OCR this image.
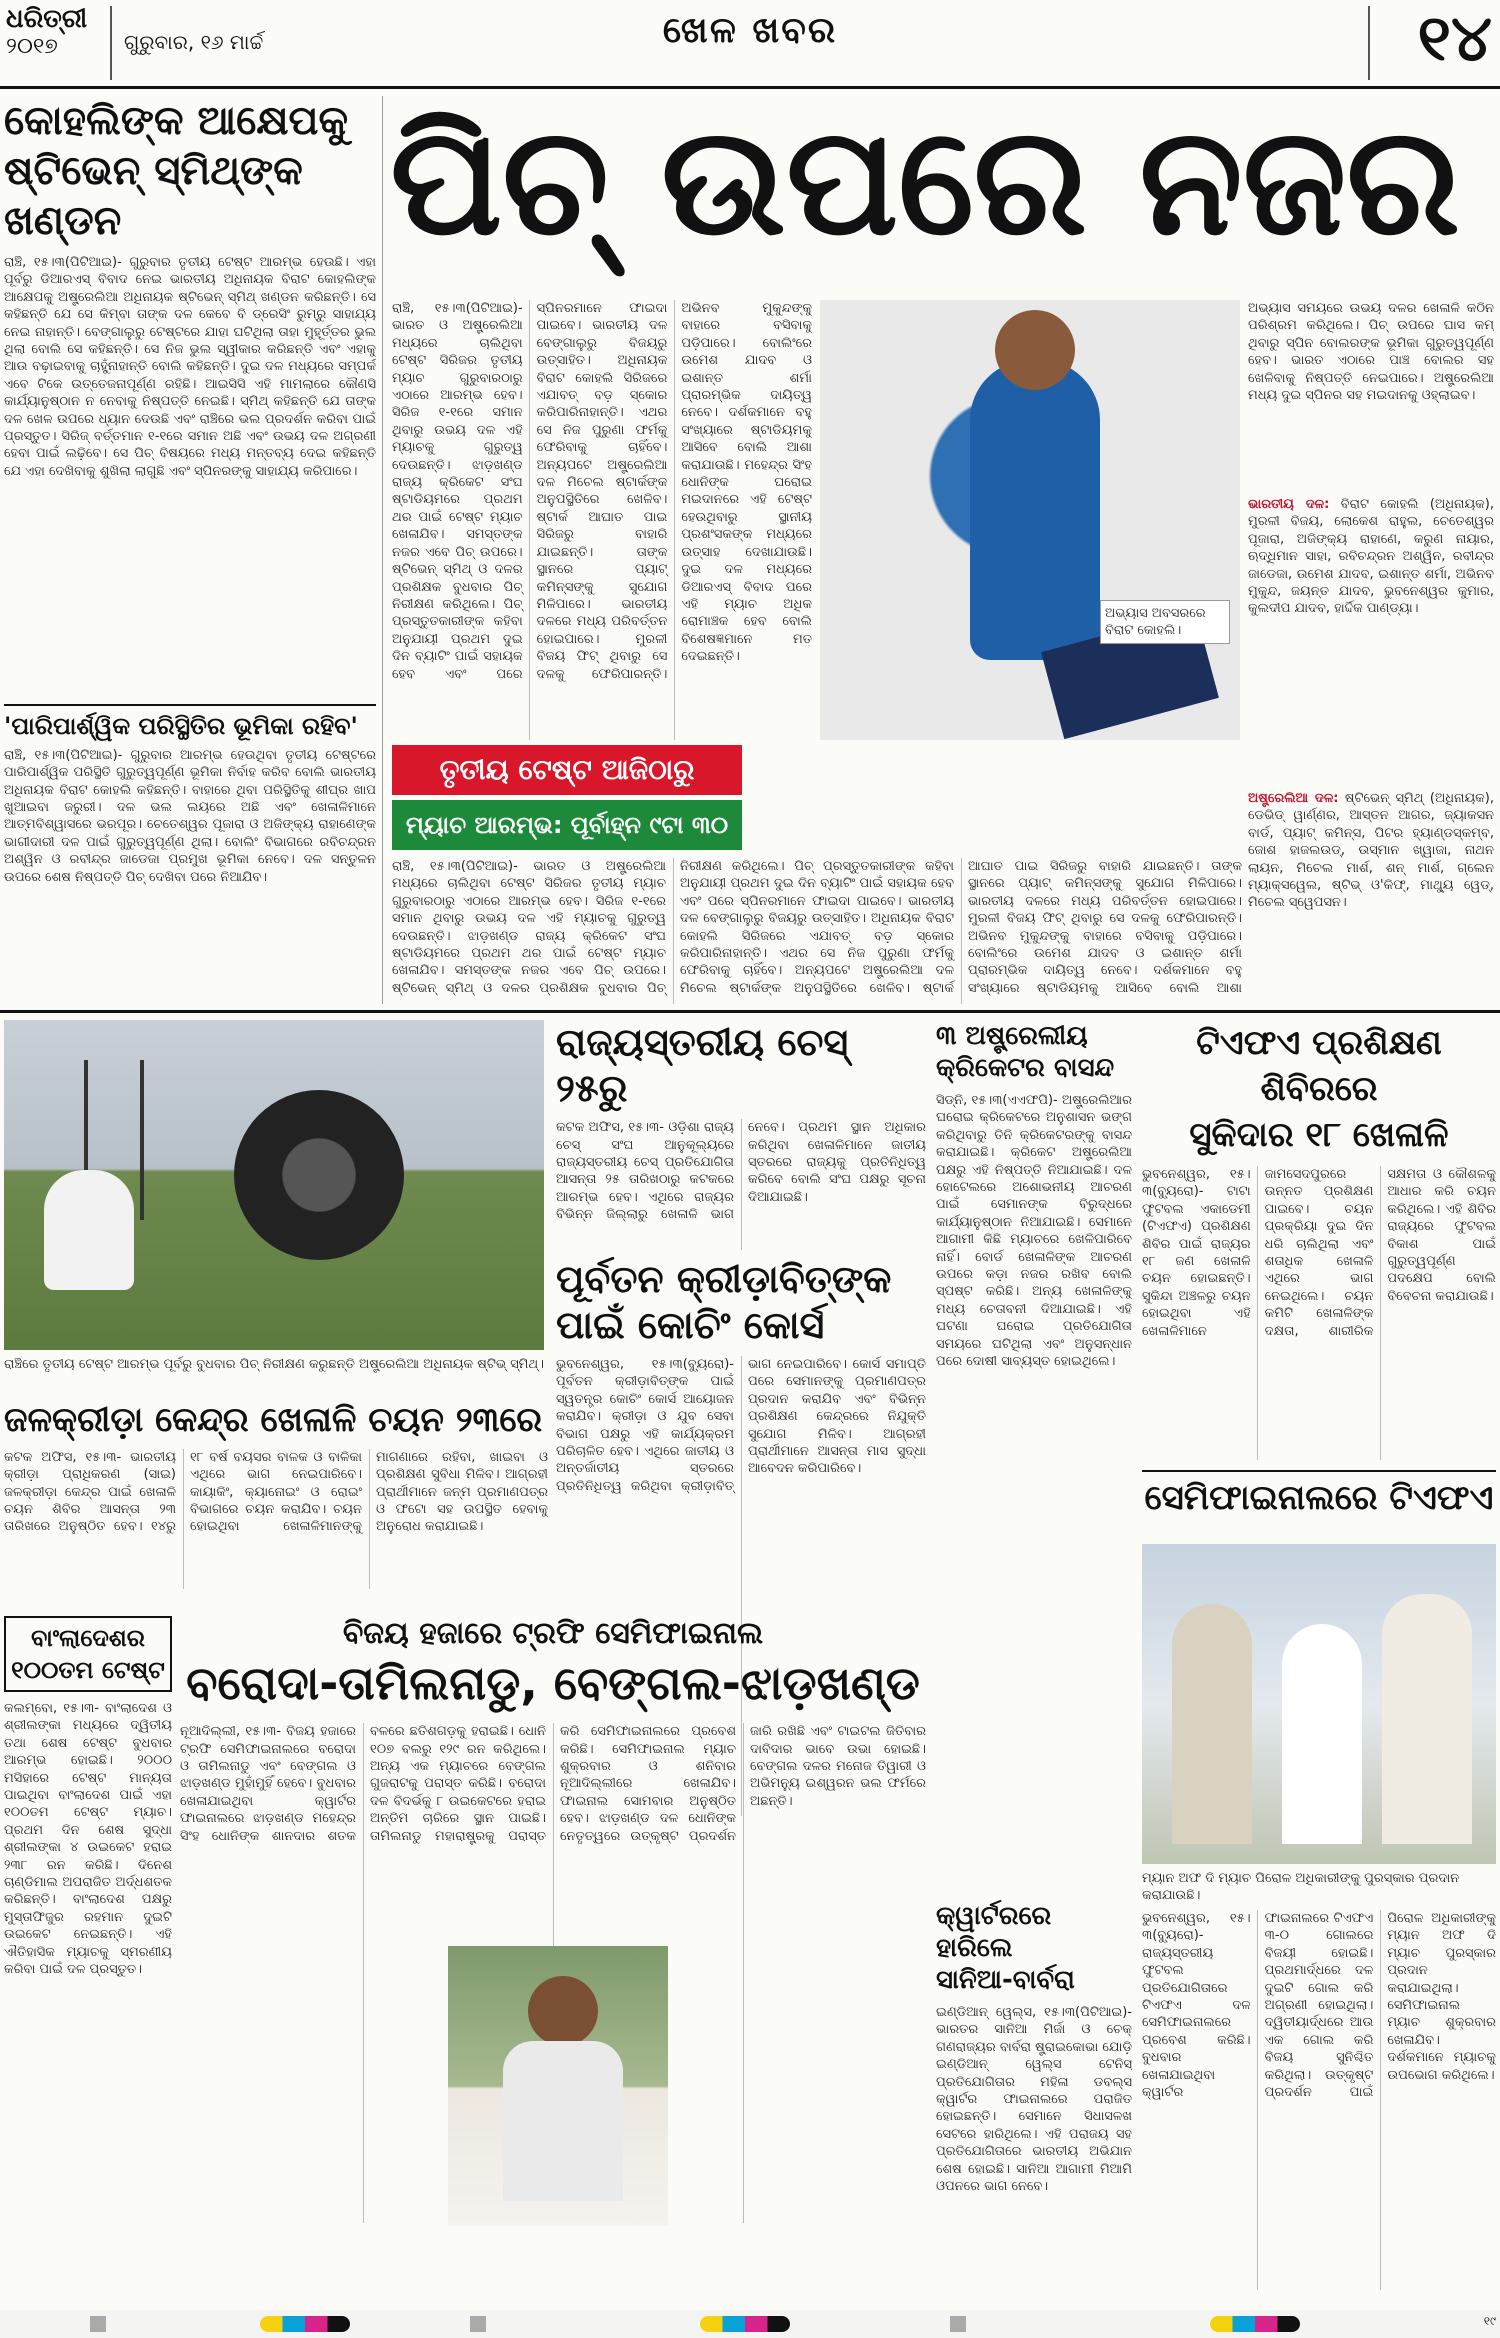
ଧରିତ୍ରୀ
୨୦୧୭	ଗୁରୁବାର, ୧୬ ମାର୍ଚ୍ଚ	ଖେଳ ଖବର	୧୪
କୋହଲିଙ୍କ ଆକ୍ଷେପକୁ
ଷ୍ଟିଭେନ୍ ସ୍ମିଥ୍‌ଙ୍କ ଖଣ୍ଡନ
ରାଞ୍ଚି, ୧୫।୩(ପିଟିଆଇ)- ଗୁରୁବାର ତୃତୀୟ ଟେଷ୍ଟ ଆରମ୍ଭ ହେଉଛି। ଏହା ପୂର୍ବରୁ ଡିଆରଏସ୍ ବିବାଦ ନେଇ ଭାରତୀୟ ଅଧିନାୟକ ବିରାଟ କୋହଲିଙ୍କ ଆକ୍ଷେପକୁ ଅଷ୍ଟ୍ରେଲିଆ ଅଧିନାୟକ ଷ୍ଟିଭେନ୍ ସ୍ମିଥ୍ ଖଣ୍ଡନ କରିଛନ୍ତି। ସେ କହିଛନ୍ତି ଯେ ସେ କିମ୍ବା ତାଙ୍କ ଦଳ କେବେ ବି ଡ୍ରେସିଂ ରୁମ୍‌ରୁ ସାହାଯ୍ୟ ନେଇ ନାହାନ୍ତି। ବେଙ୍ଗାଲୁରୁ ଟେଷ୍ଟରେ ଯାହା ଘଟିଥିଲା ତାହା ମୁହୂର୍ତ୍ତର ଭୁଲ ଥିଲା ବୋଲି ସେ କହିଛନ୍ତି। ସେ ନିଜ ଭୁଲ ସ୍ୱୀକାର କରିଛନ୍ତି ଏବଂ ଏହାକୁ ଆଉ ବଢ଼ାଇବାକୁ ଚାହୁଁନାହାନ୍ତି ବୋଲି କହିଛନ୍ତି। ଦୁଇ ଦଳ ମଧ୍ୟରେ ସମ୍ପର୍କ ଏବେ ଟିକେ ଉତ୍ତେଜନାପୂର୍ଣ୍ଣ ରହିଛି। ଆଇସିସି ଏହି ମାମଲାରେ କୌଣସି କାର୍ଯ୍ୟାନୁଷ୍ଠାନ ନ ନେବାକୁ ନିଷ୍ପତ୍ତି ନେଇଛି। ସ୍ମିଥ୍ କହିଛନ୍ତି ଯେ ତାଙ୍କ ଦଳ ଖେଳ ଉପରେ ଧ୍ୟାନ ଦେଉଛି ଏବଂ ରାଞ୍ଚିରେ ଭଲ ପ୍ରଦର୍ଶନ କରିବା ପାଇଁ ପ୍ରସ୍ତୁତ। ସିରିଜ୍ ବର୍ତ୍ତମାନ ୧-୧ରେ ସମାନ ଅଛି ଏବଂ ଉଭୟ ଦଳ ଅଗ୍ରଣୀ ହେବା ପାଇଁ ଲଢ଼ିବେ। ସେ ପିଚ୍ ବିଷୟରେ ମଧ୍ୟ ମନ୍ତବ୍ୟ ଦେଇ କହିଛନ୍ତି ଯେ ଏହା ଦେଖିବାକୁ ଶୁଖିଲା ଲାଗୁଛି ଏବଂ ସ୍ପିନରଙ୍କୁ ସାହାଯ୍ୟ କରିପାରେ।
'ପାରିପାର୍ଶ୍ୱିକ ପରିସ୍ଥିତିର ଭୂମିକା ରହିବ'
ରାଞ୍ଚି, ୧୫।୩(ପିଟିଆଇ)- ଗୁରୁବାର ଆରମ୍ଭ ହେଉଥିବା ତୃତୀୟ ଟେଷ୍ଟରେ ପାରିପାର୍ଶ୍ୱିକ ପରିସ୍ଥିତି ଗୁରୁତ୍ୱପୂର୍ଣ୍ଣ ଭୂମିକା ନିର୍ବାହ କରିବ ବୋଲି ଭାରତୀୟ ଅଧିନାୟକ ବିରାଟ କୋହଲି କହିଛନ୍ତି। ବାହାରେ ଥିବା ପରିସ୍ଥିତିକୁ ଶୀଘ୍ର ଖାପ ଖୁଆଇବା ଜରୁରୀ। ଦଳ ଭଲ ଲୟରେ ଅଛି ଏବଂ ଖେଳାଳିମାନେ ଆତ୍ମବିଶ୍ୱାସରେ ଭରପୂର। ଚେତେଶ୍ୱର ପୂଜାରା ଓ ଅଜିଙ୍କ୍ୟ ରାହାଣେଙ୍କ ଭାଗୀଦାରୀ ଦଳ ପାଇଁ ଗୁରୁତ୍ୱପୂର୍ଣ୍ଣ ଥିଲା। ବୋଲିଂ ବିଭାଗରେ ରବିଚନ୍ଦ୍ରନ ଅଶ୍ୱିନ ଓ ରବୀନ୍ଦ୍ର ଜାଡେଜା ପ୍ରମୁଖ ଭୂମିକା ନେବେ। ଦଳ ସନ୍ତୁଳନ ଉପରେ ଶେଷ ନିଷ୍ପତ୍ତି ପିଚ୍ ଦେଖିବା ପରେ ନିଆଯିବ।
ପିଚ୍ ଉପରେ ନଜର
ରାଞ୍ଚି, ୧୫।୩(ପିଟିଆଇ)- ଭାରତ ଓ ଅଷ୍ଟ୍ରେଲିଆ ମଧ୍ୟରେ ଚାଲିଥିବା ଟେଷ୍ଟ ସିରିଜର ତୃତୀୟ ମ୍ୟାଚ ଗୁରୁବାରଠାରୁ ଏଠାରେ ଆରମ୍ଭ ହେବ। ସିରିଜ ୧-୧ରେ ସମାନ ଥିବାରୁ ଉଭୟ ଦଳ ଏହି ମ୍ୟାଚକୁ ଗୁରୁତ୍ୱ ଦେଉଛନ୍ତି। ଝାଡ଼ଖଣ୍ଡ ରାଜ୍ୟ କ୍ରିକେଟ ସଂଘ ଷ୍ଟାଡିୟମରେ ପ୍ରଥମ ଥର ପାଇଁ ଟେଷ୍ଟ ମ୍ୟାଚ ଖେଳାଯିବ। ସମସ୍ତଙ୍କ ନଜର ଏବେ ପିଚ୍ ଉପରେ। ଷ୍ଟିଭେନ୍ ସ୍ମିଥ୍ ଓ ଦଳର ପ୍ରଶିକ୍ଷକ ବୁଧବାର ପିଚ୍ ନିରୀକ୍ଷଣ କରିଥିଲେ। ପିଚ୍ ପ୍ରସ୍ତୁତକାରୀଙ୍କ କହିବା ଅନୁଯାୟୀ ପ୍ରଥମ ଦୁଇ ଦିନ ବ୍ୟାଟିଂ ପାଇଁ ସହାୟକ ହେବ ଏବଂ ପରେ ସ୍ପିନରମାନେ ଫାଇଦା ପାଇବେ। ଭାରତୀୟ ଦଳ ବେଙ୍ଗାଲୁରୁ ବିଜୟରୁ ଉତ୍ସାହିତ। ଅଧିନାୟକ ବିରାଟ କୋହଲି ସିରିଜରେ ଏଯାବତ୍ ବଡ଼ ସ୍କୋର କରିପାରିନାହାନ୍ତି। ଏଥର ସେ ନିଜ ପୁରୁଣା ଫର୍ମକୁ ଫେରିବାକୁ ଚାହିଁବେ। ଅନ୍ୟପଟେ ଅଷ୍ଟ୍ରେଲିଆ ଦଳ ମିଚେଲ ଷ୍ଟାର୍କଙ୍କ ଅନୁପସ୍ଥିତିରେ ଖେଳିବ। ଷ୍ଟାର୍କ ଆଘାତ ପାଇ ସିରିଜରୁ ବାହାରି ଯାଇଛନ୍ତି। ତାଙ୍କ ସ୍ଥାନରେ ପ୍ୟାଟ୍ କମିନ୍ସଙ୍କୁ ସୁଯୋଗ ମିଳିପାରେ। ଭାରତୀୟ ଦଳରେ ମଧ୍ୟ ପରିବର୍ତ୍ତନ ହୋଇପାରେ। ମୁରଳୀ ବିଜୟ ଫିଟ୍ ଥିବାରୁ ସେ ଦଳକୁ ଫେରିପାରନ୍ତି। ଅଭିନବ ମୁକୁନ୍ଦଙ୍କୁ ବାହାରେ ବସିବାକୁ ପଡ଼ିପାରେ। ବୋଲିଂରେ ଉମେଶ ଯାଦବ ଓ ଇଶାନ୍ତ ଶର୍ମା ପ୍ରାରମ୍ଭିକ ଦାୟିତ୍ୱ ନେବେ। ଦର୍ଶକମାନେ ବହୁ ସଂଖ୍ୟାରେ ଷ୍ଟାଡିୟମକୁ ଆସିବେ ବୋଲି ଆଶା କରାଯାଉଛି। ମହେନ୍ଦ୍ର ସିଂହ ଧୋନିଙ୍କ ଘରୋଇ ମଇଦାନରେ ଏହି ଟେଷ୍ଟ ହେଉଥିବାରୁ ସ୍ଥାନୀୟ ପ୍ରଶଂସକଙ୍କ ମଧ୍ୟରେ ଉତ୍ସାହ ଦେଖାଯାଉଛି। ଦୁଇ ଦଳ ମଧ୍ୟରେ ଡିଆରଏସ୍ ବିବାଦ ପରେ ଏହି ମ୍ୟାଚ ଅଧିକ ରୋମାଞ୍ଚକ ହେବ ବୋଲି ବିଶେଷଜ୍ଞମାନେ ମତ ଦେଇଛନ୍ତି।
ଅଭ୍ୟାସ ଅବସରରେ ବିରାଟ କୋହଲି।
ଅଭ୍ୟାସ ସମୟରେ ଉଭୟ ଦଳର ଖେଳାଳି କଠିନ ପରିଶ୍ରମ କରିଥିଲେ। ପିଚ୍ ଉପରେ ଘାସ କମ୍ ଥିବାରୁ ସ୍ପିନ ବୋଲରଙ୍କ ଭୂମିକା ଗୁରୁତ୍ୱପୂର୍ଣ୍ଣ ହେବ। ଭାରତ ଏଠାରେ ପାଞ୍ଚ ବୋଲର ସହ ଖେଳିବାକୁ ନିଷ୍ପତ୍ତି ନେଇପାରେ। ଅଷ୍ଟ୍ରେଲିଆ ମଧ୍ୟ ଦୁଇ ସ୍ପିନର ସହ ମଇଦାନକୁ ଓହ୍ଲାଇବ।
ଭାରତୀୟ ଦଳ: ବିରାଟ କୋହଲି (ଅଧିନାୟକ), ମୁରଳୀ ବିଜୟ, ଲୋକେଶ ରାହୁଲ, ଚେତେଶ୍ୱର ପୂଜାରା, ଅଜିଙ୍କ୍ୟ ରାହାଣେ, କରୁଣ ନାୟାର, ଋଦ୍ଧିମାନ ସାହା, ରବିଚନ୍ଦ୍ରନ ଅଶ୍ୱିନ, ରବୀନ୍ଦ୍ର ଜାଡେଜା, ଉମେଶ ଯାଦବ, ଇଶାନ୍ତ ଶର୍ମା, ଅଭିନବ ମୁକୁନ୍ଦ, ଜୟନ୍ତ ଯାଦବ, ଭୁବନେଶ୍ୱର କୁମାର, କୁଲଦୀପ ଯାଦବ, ହାର୍ଦ୍ଦିକ ପାଣ୍ଡ୍ୟା।
ଅଷ୍ଟ୍ରେଲିଆ ଦଳ: ଷ୍ଟିଭେନ୍ ସ୍ମିଥ୍ (ଅଧିନାୟକ), ଡେଭିଡ୍ ୱାର୍ଣ୍ଣର, ଆସ୍ତନ ଆଗର, ଜ୍ୟାକସନ ବାର୍ଡ, ପ୍ୟାଟ୍ କମିନ୍ସ, ପିଟର ହ୍ୟାଣ୍ଡସ୍କମ୍ବ, ଜୋଶ ହାଜଲଉଡ୍, ଉସ୍ମାନ ଖ୍ୱାଜା, ନାଥନ ଲାୟନ, ମିଚେଲ ମାର୍ଶ, ଶନ୍ ମାର୍ଶ, ଗ୍ଲେନ ମ୍ୟାକ୍ସୱେଲ, ଷ୍ଟିଭ୍ ଓ'କିଫ୍, ମାଥ୍ୟୁ ୱେଡ୍, ମିଚେଲ ସ୍ୱେପସନ।
ତୃତୀୟ ଟେଷ୍ଟ ଆଜିଠାରୁ
ମ୍ୟାଚ ଆରମ୍ଭ: ପୂର୍ବାହ୍ନ ୯ଟା ୩୦
ରାଞ୍ଚି, ୧୫।୩(ପିଟିଆଇ)- ଭାରତ ଓ ଅଷ୍ଟ୍ରେଲିଆ ମଧ୍ୟରେ ଚାଲିଥିବା ଟେଷ୍ଟ ସିରିଜର ତୃତୀୟ ମ୍ୟାଚ ଗୁରୁବାରଠାରୁ ଏଠାରେ ଆରମ୍ଭ ହେବ। ସିରିଜ ୧-୧ରେ ସମାନ ଥିବାରୁ ଉଭୟ ଦଳ ଏହି ମ୍ୟାଚକୁ ଗୁରୁତ୍ୱ ଦେଉଛନ୍ତି। ଝାଡ଼ଖଣ୍ଡ ରାଜ୍ୟ କ୍ରିକେଟ ସଂଘ ଷ୍ଟାଡିୟମରେ ପ୍ରଥମ ଥର ପାଇଁ ଟେଷ୍ଟ ମ୍ୟାଚ ଖେଳାଯିବ। ସମସ୍ତଙ୍କ ନଜର ଏବେ ପିଚ୍ ଉପରେ। ଷ୍ଟିଭେନ୍ ସ୍ମିଥ୍ ଓ ଦଳର ପ୍ରଶିକ୍ଷକ ବୁଧବାର ପିଚ୍ ନିରୀକ୍ଷଣ କରିଥିଲେ। ପିଚ୍ ପ୍ରସ୍ତୁତକାରୀଙ୍କ କହିବା ଅନୁଯାୟୀ ପ୍ରଥମ ଦୁଇ ଦିନ ବ୍ୟାଟିଂ ପାଇଁ ସହାୟକ ହେବ ଏବଂ ପରେ ସ୍ପିନରମାନେ ଫାଇଦା ପାଇବେ। ଭାରତୀୟ ଦଳ ବେଙ୍ଗାଲୁରୁ ବିଜୟରୁ ଉତ୍ସାହିତ। ଅଧିନାୟକ ବିରାଟ କୋହଲି ସିରିଜରେ ଏଯାବତ୍ ବଡ଼ ସ୍କୋର କରିପାରିନାହାନ୍ତି। ଏଥର ସେ ନିଜ ପୁରୁଣା ଫର୍ମକୁ ଫେରିବାକୁ ଚାହିଁବେ। ଅନ୍ୟପଟେ ଅଷ୍ଟ୍ରେଲିଆ ଦଳ ମିଚେଲ ଷ୍ଟାର୍କଙ୍କ ଅନୁପସ୍ଥିତିରେ ଖେଳିବ। ଷ୍ଟାର୍କ ଆଘାତ ପାଇ ସିରିଜରୁ ବାହାରି ଯାଇଛନ୍ତି। ତାଙ୍କ ସ୍ଥାନରେ ପ୍ୟାଟ୍ କମିନ୍ସଙ୍କୁ ସୁଯୋଗ ମିଳିପାରେ। ଭାରତୀୟ ଦଳରେ ମଧ୍ୟ ପରିବର୍ତ୍ତନ ହୋଇପାରେ। ମୁରଳୀ ବିଜୟ ଫିଟ୍ ଥିବାରୁ ସେ ଦଳକୁ ଫେରିପାରନ୍ତି। ଅଭିନବ ମୁକୁନ୍ଦଙ୍କୁ ବାହାରେ ବସିବାକୁ ପଡ଼ିପାରେ। ବୋଲିଂରେ ଉମେଶ ଯାଦବ ଓ ଇଶାନ୍ତ ଶର୍ମା ପ୍ରାରମ୍ଭିକ ଦାୟିତ୍ୱ ନେବେ। ଦର୍ଶକମାନେ ବହୁ ସଂଖ୍ୟାରେ ଷ୍ଟାଡିୟମକୁ ଆସିବେ ବୋଲି ଆଶା
ରାଞ୍ଚିରେ ତୃତୀୟ ଟେଷ୍ଟ ଆରମ୍ଭ ପୂର୍ବରୁ ବୁଧବାର ପିଚ୍ ନିରୀକ୍ଷଣ କରୁଛନ୍ତି ଅଷ୍ଟ୍ରେଲିଆ ଅଧିନାୟକ ଷ୍ଟିଭ୍ ସ୍ମିଥ୍।
ରାଜ୍ୟସ୍ତରୀୟ ଚେସ୍ ୨୫ରୁ
କଟକ ଅଫିସ, ୧୫।୩- ଓଡ଼ିଶା ରାଜ୍ୟ ଚେସ୍ ସଂଘ ଆନୁକୂଲ୍ୟରେ ରାଜ୍ୟସ୍ତରୀୟ ଚେସ୍ ପ୍ରତିଯୋଗିତା ଆସନ୍ତା ୨୫ ତାରିଖଠାରୁ କଟକରେ ଆରମ୍ଭ ହେବ। ଏଥିରେ ରାଜ୍ୟର ବିଭିନ୍ନ ଜିଲ୍ଲାରୁ ଖେଳାଳି ଭାଗ ନେବେ। ପ୍ରଥମ ସ୍ଥାନ ଅଧିକାର କରିଥିବା ଖେଳାଳିମାନେ ଜାତୀୟ ସ୍ତରରେ ରାଜ୍ୟକୁ ପ୍ରତିନିଧିତ୍ୱ କରିବେ ବୋଲି ସଂଘ ପକ୍ଷରୁ ସୂଚନା ଦିଆଯାଇଛି।
ପୂର୍ବତନ କ୍ରୀଡ଼ାବିତ୍‌ଙ୍କ
ପାଇଁ କୋଚିଂ କୋର୍ସ
ଭୁବନେଶ୍ୱର, ୧୫।୩(ବ୍ୟୁରୋ)- ପୂର୍ବତନ କ୍ରୀଡ଼ାବିତ୍‌ଙ୍କ ପାଇଁ ସ୍ୱତନ୍ତ୍ର କୋଚିଂ କୋର୍ସ ଆୟୋଜନ କରାଯିବ। କ୍ରୀଡ଼ା ଓ ଯୁବ ସେବା ବିଭାଗ ପକ୍ଷରୁ ଏହି କାର୍ଯ୍ୟକ୍ରମ ପରିଚାଳିତ ହେବ। ଏଥିରେ ଜାତୀୟ ଓ ଅନ୍ତର୍ଜାତୀୟ ସ୍ତରରେ ପ୍ରତିନିଧିତ୍ୱ କରିଥିବା କ୍ରୀଡ଼ାବିତ୍ ଭାଗ ନେଇପାରିବେ। କୋର୍ସ ସମାପ୍ତି ପରେ ସେମାନଙ୍କୁ ପ୍ରମାଣପତ୍ର ପ୍ରଦାନ କରାଯିବ ଏବଂ ବିଭିନ୍ନ ପ୍ରଶିକ୍ଷଣ କେନ୍ଦ୍ରରେ ନିଯୁକ୍ତି ସୁଯୋଗ ମିଳିବ। ଆଗ୍ରହୀ ପ୍ରାର୍ଥୀମାନେ ଆସନ୍ତା ମାସ ସୁଦ୍ଧା ଆବେଦନ କରିପାରିବେ।
୩ ଅଷ୍ଟ୍ରେଲୀୟ
କ୍ରିକେଟର ବାସନ୍ଦ
ସିଡ୍‌ନି, ୧୫।୩(ଏଏଫପି)- ଅଷ୍ଟ୍ରେଲିଆର ଘରୋଇ କ୍ରିକେଟରେ ଅନୁଶାସନ ଭଙ୍ଗ କରିଥିବାରୁ ତିନି କ୍ରିକେଟରଙ୍କୁ ବାସନ୍ଦ କରାଯାଇଛି। କ୍ରିକେଟ ଅଷ୍ଟ୍ରେଲିଆ ପକ୍ଷରୁ ଏହି ନିଷ୍ପତ୍ତି ନିଆଯାଇଛି। ଦଳ ହୋଟେଲରେ ଅଶୋଭନୀୟ ଆଚରଣ ପାଇଁ ସେମାନଙ୍କ ବିରୁଦ୍ଧରେ କାର୍ଯ୍ୟାନୁଷ୍ଠାନ ନିଆଯାଇଛି। ସେମାନେ ଆଗାମୀ କିଛି ମ୍ୟାଚରେ ଖେଳିପାରିବେ ନାହିଁ। ବୋର୍ଡ ଖେଳାଳିଙ୍କ ଆଚରଣ ଉପରେ କଡ଼ା ନଜର ରଖିବ ବୋଲି ସ୍ପଷ୍ଟ କରିଛି। ଅନ୍ୟ ଖେଳାଳିଙ୍କୁ ମଧ୍ୟ ଚେତାବନୀ ଦିଆଯାଇଛି। ଏହି ଘଟଣା ଘରୋଇ ପ୍ରତିଯୋଗିତା ସମୟରେ ଘଟିଥିଲା ଏବଂ ଅନୁସନ୍ଧାନ ପରେ ଦୋଷୀ ସାବ୍ୟସ୍ତ ହୋଇଥିଲେ।
ଟିଏଫଏ ପ୍ରଶିକ୍ଷଣ ଶିବିରରେ
ସୁକିଦାର ୧୮ ଖେଳାଳି
ଭୁବନେଶ୍ୱର, ୧୫।୩(ବ୍ୟୁରୋ)- ଟାଟା ଫୁଟବଲ ଏକାଡେମୀ (ଟିଏଫଏ) ପ୍ରଶିକ୍ଷଣ ଶିବିର ପାଇଁ ରାଜ୍ୟର ୧୮ ଜଣ ଖେଳାଳି ଚୟନ ହୋଇଛନ୍ତି। ସୁକିନ୍ଦା ଅଞ୍ଚଳରୁ ଚୟନ ହୋଇଥିବା ଏହି ଖେଳାଳିମାନେ ଜାମସେଦପୁରରେ ଉନ୍ନତ ପ୍ରଶିକ୍ଷଣ ପାଇବେ। ଚୟନ ପ୍ରକ୍ରିୟା ଦୁଇ ଦିନ ଧରି ଚାଲିଥିଲା ଏବଂ ଶତାଧିକ ଖେଳାଳି ଏଥିରେ ଭାଗ ନେଇଥିଲେ। ଚୟନ କମିଟି ଖେଳାଳିଙ୍କ ଦକ୍ଷତା, ଶାରୀରିକ ସକ୍ଷମତା ଓ କୌଶଳକୁ ଆଧାର କରି ଚୟନ କରିଥିଲେ। ଏହି ଶିବିର ରାଜ୍ୟରେ ଫୁଟବଲ ବିକାଶ ପାଇଁ ଗୁରୁତ୍ୱପୂର୍ଣ୍ଣ ପଦକ୍ଷେପ ବୋଲି ବିବେଚନା କରାଯାଉଛି।
ଜଳକ୍ରୀଡ଼ା କେନ୍ଦ୍ର ଖେଳାଳି ଚୟନ ୨୩ରେ
କଟକ ଅଫିସ, ୧୫।୩- ଭାରତୀୟ କ୍ରୀଡ଼ା ପ୍ରାଧିକରଣ (ସାଇ) ଜଳକ୍ରୀଡ଼ା କେନ୍ଦ୍ର ପାଇଁ ଖେଳାଳି ଚୟନ ଶିବିର ଆସନ୍ତା ୨୩ ତାରିଖରେ ଅନୁଷ୍ଠିତ ହେବ। ୧୪ରୁ ୧୮ ବର୍ଷ ବୟସର ବାଳକ ଓ ବାଳିକା ଏଥିରେ ଭାଗ ନେଇପାରିବେ। କାୟାକିଂ, କ୍ୟାନୋଇଂ ଓ ରୋଇଂ ବିଭାଗରେ ଚୟନ କରାଯିବ। ଚୟନ ହୋଇଥିବା ଖେଳାଳିମାନଙ୍କୁ ମାଗଣାରେ ରହିବା, ଖାଇବା ଓ ପ୍ରଶିକ୍ଷଣ ସୁବିଧା ମିଳିବ। ଆଗ୍ରହୀ ପ୍ରାର୍ଥୀମାନେ ଜନ୍ମ ପ୍ରମାଣପତ୍ର ଓ ଫଟୋ ସହ ଉପସ୍ଥିତ ହେବାକୁ ଅନୁରୋଧ କରାଯାଇଛି।
ବାଂଲାଦେଶର
୧୦୦ତମ ଟେଷ୍ଟ
କଲମ୍ବୋ, ୧୫।୩- ବାଂଲାଦେଶ ଓ ଶ୍ରୀଲଙ୍କା ମଧ୍ୟରେ ଦ୍ୱିତୀୟ ତଥା ଶେଷ ଟେଷ୍ଟ ବୁଧବାର ଆରମ୍ଭ ହୋଇଛି। ୨୦୦୦ ମସିହାରେ ଟେଷ୍ଟ ମାନ୍ୟତା ପାଇଥିବା ବାଂଲାଦେଶ ପାଇଁ ଏହା ୧୦୦ତମ ଟେଷ୍ଟ ମ୍ୟାଚ। ପ୍ରଥମ ଦିନ ଶେଷ ସୁଦ୍ଧା ଶ୍ରୀଲଙ୍କା ୪ ଉଇକେଟ ହରାଇ ୨୩୮ ରନ କରିଛି। ଦିନେଶ ଚାଣ୍ଡିମାଲ ଅପରାଜିତ ଅର୍ଦ୍ଧଶତକ କରିଛନ୍ତି। ବାଂଲାଦେଶ ପକ୍ଷରୁ ମୁସ୍ତାଫିଜୁର ରହମାନ ଦୁଇଟି ଉଇକେଟ ନେଇଛନ୍ତି। ଏହି ଐତିହାସିକ ମ୍ୟାଚକୁ ସ୍ମରଣୀୟ କରିବା ପାଇଁ ଦଳ ପ୍ରସ୍ତୁତ।
ବିଜୟ ହଜାରେ ଟ୍ରଫି ସେମିଫାଇନାଲ
ବରୋଦା-ତାମିଲନାଡୁ, ବେଙ୍ଗଲ-ଝାଡ଼ଖଣ୍ଡ
ନୂଆଦିଲ୍ଲୀ, ୧୫।୩- ବିଜୟ ହଜାରେ ଟ୍ରଫି ସେମିଫାଇନାଲରେ ବରୋଦା ଓ ତାମିଲନାଡୁ ଏବଂ ବେଙ୍ଗଲ ଓ ଝାଡ଼ଖଣ୍ଡ ମୁହାଁମୁହିଁ ହେବେ। ବୁଧବାର ଖେଳାଯାଇଥିବା କ୍ୱାର୍ଟର ଫାଇନାଲରେ ଝାଡ଼ଖଣ୍ଡ ମହେନ୍ଦ୍ର ସିଂହ ଧୋନିଙ୍କ ଶାନଦାର ଶତକ ବଳରେ ଛତିଶଗଡ଼କୁ ହରାଇଛି। ଧୋନି ୧୦୭ ବଲରୁ ୧୨୯ ରନ କରିଥିଲେ। ଅନ୍ୟ ଏକ ମ୍ୟାଚରେ ବେଙ୍ଗଲ ଗୁଜରାଟକୁ ପରାସ୍ତ କରିଛି। ବରୋଦା ଦଳ ବିଦର୍ଭକୁ ୮ ଉଇକେଟରେ ହରାଇ ଅନ୍ତିମ ଚାରିରେ ସ୍ଥାନ ପାଇଛି। ତାମିଲନାଡୁ ମହାରାଷ୍ଟ୍ରକୁ ପରାସ୍ତ କରି ସେମିଫାଇନାଲରେ ପ୍ରବେଶ କରିଛି। ସେମିଫାଇନାଲ ମ୍ୟାଚ ଶୁକ୍ରବାର ଓ ଶନିବାର ନୂଆଦିଲ୍ଲୀରେ ଖେଳାଯିବ। ଫାଇନାଲ ସୋମବାର ଅନୁଷ୍ଠିତ ହେବ। ଝାଡ଼ଖଣ୍ଡ ଦଳ ଧୋନିଙ୍କ ନେତୃତ୍ୱରେ ଉତ୍କୃଷ୍ଟ ପ୍ରଦର୍ଶନ ଜାରି ରଖିଛି ଏବଂ ଟାଇଟଲ ଜିତିବାର ଦାବିଦାର ଭାବେ ଉଭା ହୋଇଛି। ବେଙ୍ଗଲ ଦଳର ମନୋଜ ତିୱାରୀ ଓ ଅଭିମନ୍ୟୁ ଇଶ୍ୱରନ ଭଲ ଫର୍ମରେ ଅଛନ୍ତି।
କ୍ୱାର୍ଟରରେ ହାରିଲେ
ସାନିଆ-ବାର୍ବରା
ଇଣ୍ଡିଆନ୍ ୱେଲ୍ସ, ୧୫।୩(ପିଟିଆଇ)- ଭାରତର ସାନିଆ ମିର୍ଜା ଓ ଚେକ୍ ଗଣରାଜ୍ୟର ବାର୍ବରା ଷ୍ଟ୍ରାଇକୋଭା ଯୋଡ଼ି ଇଣ୍ଡିଆନ୍ ୱେଲ୍ସ ଟେନିସ୍ ପ୍ରତିଯୋଗିତାର ମହିଳା ଡବଲ୍ସ କ୍ୱାର୍ଟର ଫାଇନାଲରେ ପରାଜିତ ହୋଇଛନ୍ତି। ସେମାନେ ସିଧାସଳଖ ସେଟରେ ହାରିଥିଲେ। ଏହି ପରାଜୟ ସହ ପ୍ରତିଯୋଗିତାରେ ଭାରତୀୟ ଅଭିଯାନ ଶେଷ ହୋଇଛି। ସାନିଆ ଆଗାମୀ ମିଆମି ଓପନରେ ଭାଗ ନେବେ।
ସେମିଫାଇନାଲରେ ଟିଏଫଏ
ମ୍ୟାନ ଅଫ ଦି ମ୍ୟାଚ ପିରୋଳ ଅଧିକାରୀଙ୍କୁ ପୁରସ୍କାର ପ୍ରଦାନ କରାଯାଉଛି।
ଭୁବନେଶ୍ୱର, ୧୫।୩(ବ୍ୟୁରୋ)- ରାଜ୍ୟସ୍ତରୀୟ ଫୁଟବଲ ପ୍ରତିଯୋଗିତାରେ ଟିଏଫଏ ଦଳ ସେମିଫାଇନାଲରେ ପ୍ରବେଶ କରିଛି। ବୁଧବାର ଖେଳାଯାଇଥିବା କ୍ୱାର୍ଟର ଫାଇନାଲରେ ଟିଏଫଏ ୩-୦ ଗୋଲରେ ବିଜୟୀ ହୋଇଛି। ପ୍ରଥମାର୍ଦ୍ଧରେ ଦଳ ଦୁଇଟି ଗୋଲ କରି ଅଗ୍ରଣୀ ହୋଇଥିଲା। ଦ୍ୱିତୀୟାର୍ଦ୍ଧରେ ଆଉ ଏକ ଗୋଲ କରି ବିଜୟ ସୁନିଶ୍ଚିତ କରିଥିଲା। ଉତ୍କୃଷ୍ଟ ପ୍ରଦର୍ଶନ ପାଇଁ ପିରୋଳ ଅଧିକାରୀଙ୍କୁ ମ୍ୟାନ ଅଫ ଦି ମ୍ୟାଚ ପୁରସ୍କାର ପ୍ରଦାନ କରାଯାଇଥିଲା। ସେମିଫାଇନାଲ ମ୍ୟାଚ ଶୁକ୍ରବାର ଖେଳାଯିବ। ଦର୍ଶକମାନେ ମ୍ୟାଚକୁ ଉପଭୋଗ କରିଥିଲେ।
୧୯
